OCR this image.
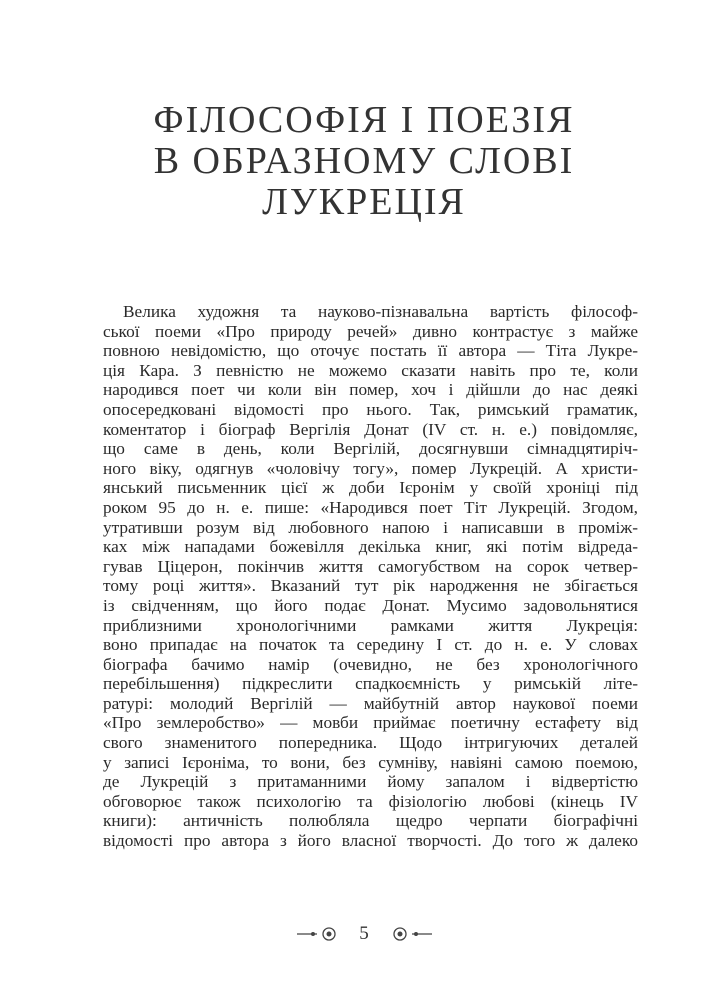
ФІЛОСОФІЯ І ПОЕЗІЯ
В ОБРАЗНОМУ СЛОВІ
ЛУКРЕЦІЯ
Велика художня та науково-пізнавальна вартість філософ-
ської поеми «Про природу речей» дивно контрастує з майже
повною невідомістю, що оточує постать її автора — Тіта Лукре-
ція Кара. З певністю не можемо сказати навіть про те, коли
народився поет чи коли він помер, хоч і дійшли до нас деякі
опосередковані відомості про нього. Так, римський граматик,
коментатор і біограф Вергілія Донат (IV ст. н. е.) повідомляє,
що саме в день, коли Вергілій, досягнувши сімнадцятиріч-
ного віку, одягнув «чоловічу тогу», помер Лукрецій. А христи-
янський письменник цієї ж доби Ієронім у своїй хроніці під
роком 95 до н. е. пише: «Народився поет Тіт Лукрецій. Згодом,
утративши розум від любовного напою і написавши в проміж-
ках між нападами божевілля декілька книг, які потім відреда-
гував Ціцерон, покінчив життя самогубством на сорок четвер-
тому році життя». Вказаний тут рік народження не збігається
із свідченням, що його подає Донат. Мусимо задовольнятися
приблизними хронологічними рамками життя Лукреція:
воно припадає на початок та середину І ст. до н. е. У словах
біографа бачимо намір (очевидно, не без хронологічного
перебільшення) підкреслити спадкоємність у римській літе-
ратурі: молодий Вергілій — майбутній автор наукової поеми
«Про землеробство» — мовби приймає поетичну естафету від
свого знаменитого попередника. Щодо інтригуючих деталей
у записі Ієроніма, то вони, без сумніву, навіяні самою поемою,
де Лукрецій з притаманними йому запалом і відвертістю
обговорює також психологію та фізіологію любові (кінець IV
книги): античність полюбляла щедро черпати біографічні
відомості про автора з його власної творчості. До того ж далеко
5
